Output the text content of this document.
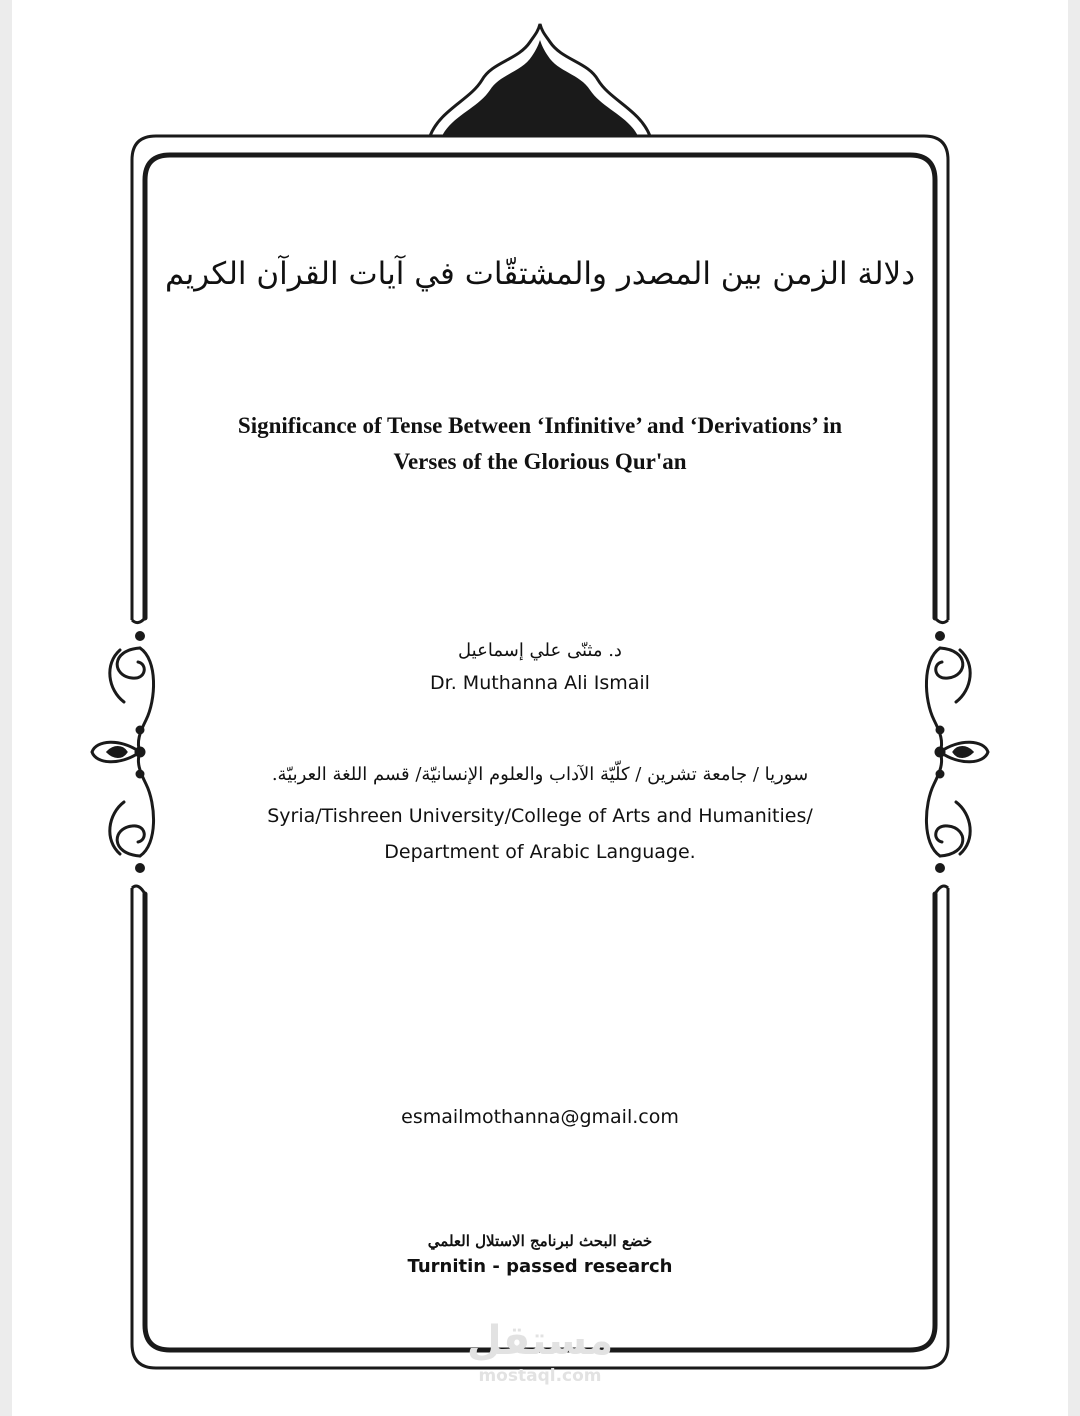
دلالة الزمن بين المصدر والمشتقّات في آيات القرآن الكريم
Significance of Tense Between ‘Infinitive’ and ‘Derivations’ in
Verses of the Glorious Qur'an
د. مثنّى علي إسماعيل
Dr. Muthanna Ali Ismail
سوريا / جامعة تشرين / كلّيّة الآداب والعلوم الإنسانيّة/ قسم اللغة العربيّة.
Syria/Tishreen University/College of Arts and Humanities/
Department of Arabic Language.
esmailmothanna@gmail.com
خضع البحث لبرنامج الاستلال العلمي
Turnitin - passed research
مستقل
mostaql.com
